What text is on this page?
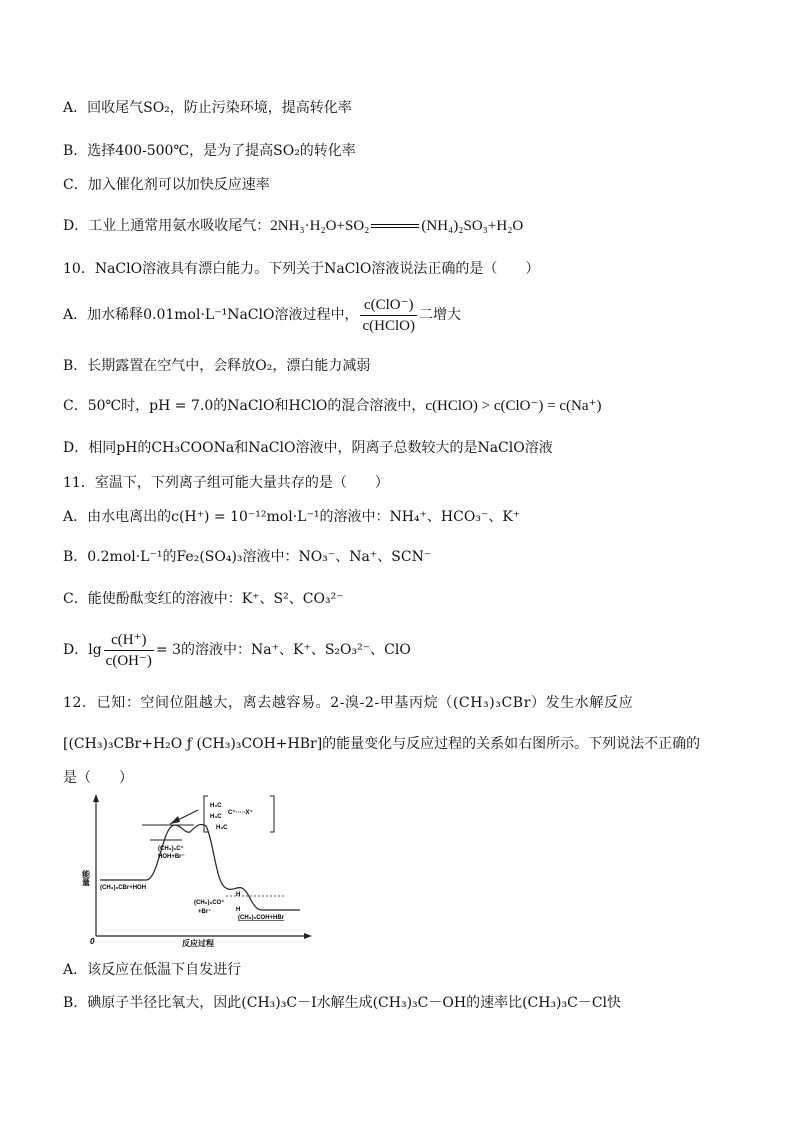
A．回收尾气SO₂，防止污染环境，提高转化率
B．选择400-500℃，是为了提高SO₂的转化率
C．加入催化剂可以加快反应速率
D．工业上通常用氨水吸收尾气：2NH₃·H₂O+SO₂	(NH₄)₂SO₃+H₂O
10．NaClO溶液具有漂白能力。下列关于NaClO溶液说法正确的是（　　）
A．加水稀释0.01mol·L⁻¹NaClO溶液过程中， $\frac{\text{c(ClO⁻)}}{\text{c(HClO)}}$ 二增大
B．长期露置在空气中，会释放O₂，漂白能力减弱
C．50℃时，pH = 7.0的NaClO和HClO的混合溶液中，c(HClO) > c(ClO⁻) = c(Na⁺)
D．相同pH的CH₃COONa和NaClO溶液中，阴离子总数较大的是NaClO溶液
11．室温下，下列离子组可能大量共存的是（　　）
A．由水电离出的c(H⁺) = 10⁻¹²mol·L⁻¹的溶液中：NH₄⁺、HCO₃⁻、K⁺
B．0.2mol·L⁻¹的Fe₂(SO₄)₃溶液中：NO₃⁻、Na⁺、SCN⁻
C．能使酚酞变红的溶液中：K⁺、S²、CO₃²⁻
D．$\lg \frac{c(H^+)}{c(OH^-)} = 3$的溶液中：Na⁺、K⁺、S₂O₃²⁻、ClO
12．已知：空间位阻越大，离去越容易。2-溴-2-甲基丙烷（(CH₃)₃CBr）发生水解反应
[(CH₃)₃CBr+H₂O ƒ (CH₃)₃COH+HBr]的能量变化与反应过程的关系如右图所示。下列说法不正确的
是（　　）
0
能量
反应过程
H₃C
H₃C
H₃C
C⁺·····X⁺
(CH₃)₃C⁺
HOH+Br⁻
(CH₃)₃CBr+HOH
(CH₃)₃CO⁺
+Br⁻
H
H
(CH₃)₃COH+HBr
A．该反应在低温下自发进行
B．碘原子半径比氧大，因此(CH₃)₃C－I水解生成(CH₃)₃C－OH的速率比(CH₃)₃C－Cl快
